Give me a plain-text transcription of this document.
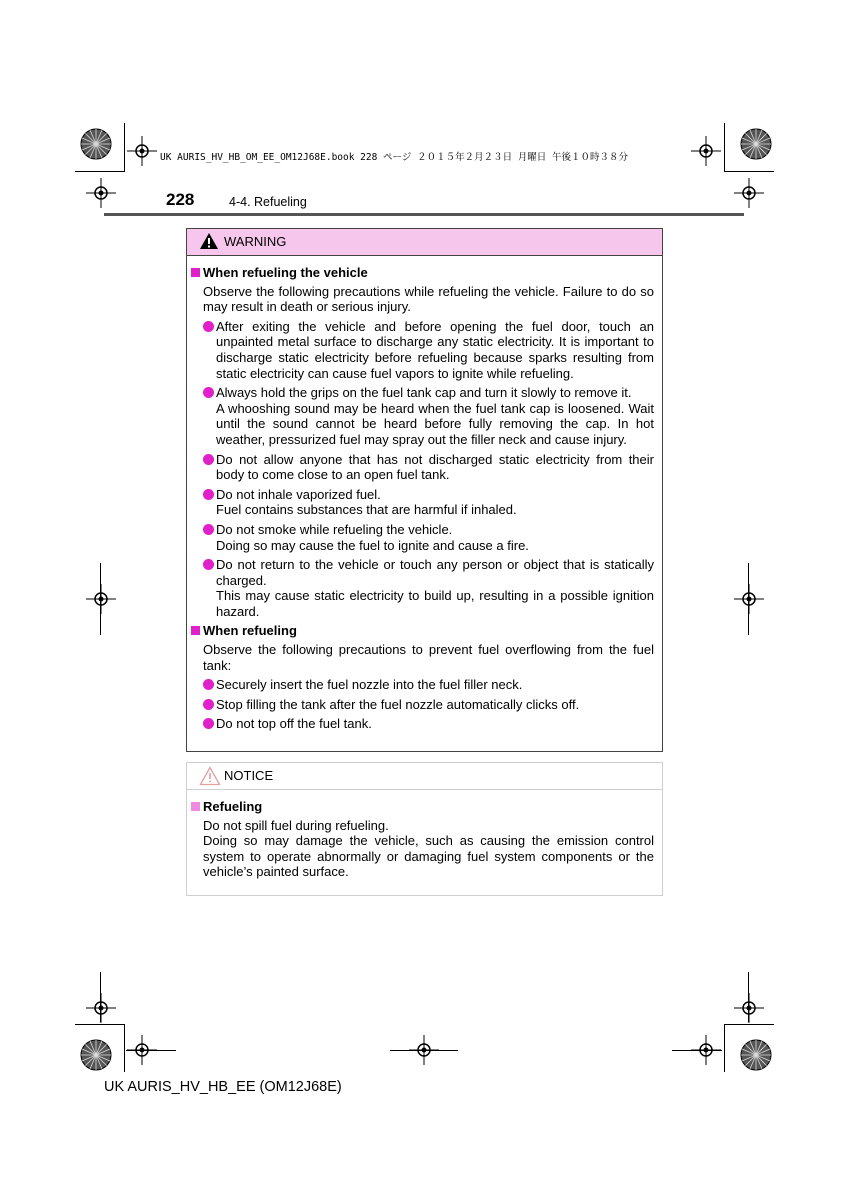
UK AURIS_HV_HB_OM_EE_OM12J68E.book 228 ページ ２０１５年２月２３日 月曜日 午後１０時３８分
228	4-4. Refueling
WARNING

When refueling the vehicle

Observe the following precautions while refueling the vehicle. Failure to do so may result in death or serious injury.

After exiting the vehicle and before opening the fuel door, touch an unpainted metal surface to discharge any static electricity. It is important to discharge static electricity before refueling because sparks resulting from static electricity can cause fuel vapors to ignite while refueling.
Always hold the grips on the fuel tank cap and turn it slowly to remove it.
A whooshing sound may be heard when the fuel tank cap is loosened. Wait until the sound cannot be heard before fully removing the cap. In hot weather, pressurized fuel may spray out the filler neck and cause injury.
Do not allow anyone that has not discharged static electricity from their body to come close to an open fuel tank.
Do not inhale vaporized fuel.
Fuel contains substances that are harmful if inhaled.
Do not smoke while refueling the vehicle.
Doing so may cause the fuel to ignite and cause a fire.
Do not return to the vehicle or touch any person or object that is statically charged.
This may cause static electricity to build up, resulting in a possible ignition hazard.

When refueling

Observe the following precautions to prevent fuel overflowing from the fuel tank:

Securely insert the fuel nozzle into the fuel filler neck.
Stop filling the tank after the fuel nozzle automatically clicks off.
Do not top off the fuel tank.
NOTICE

Refueling

Do not spill fuel during refueling.
Doing so may damage the vehicle, such as causing the emission control system to operate abnormally or damaging fuel system components or the vehicle’s painted surface.

UK AURIS_HV_HB_EE (OM12J68E)
